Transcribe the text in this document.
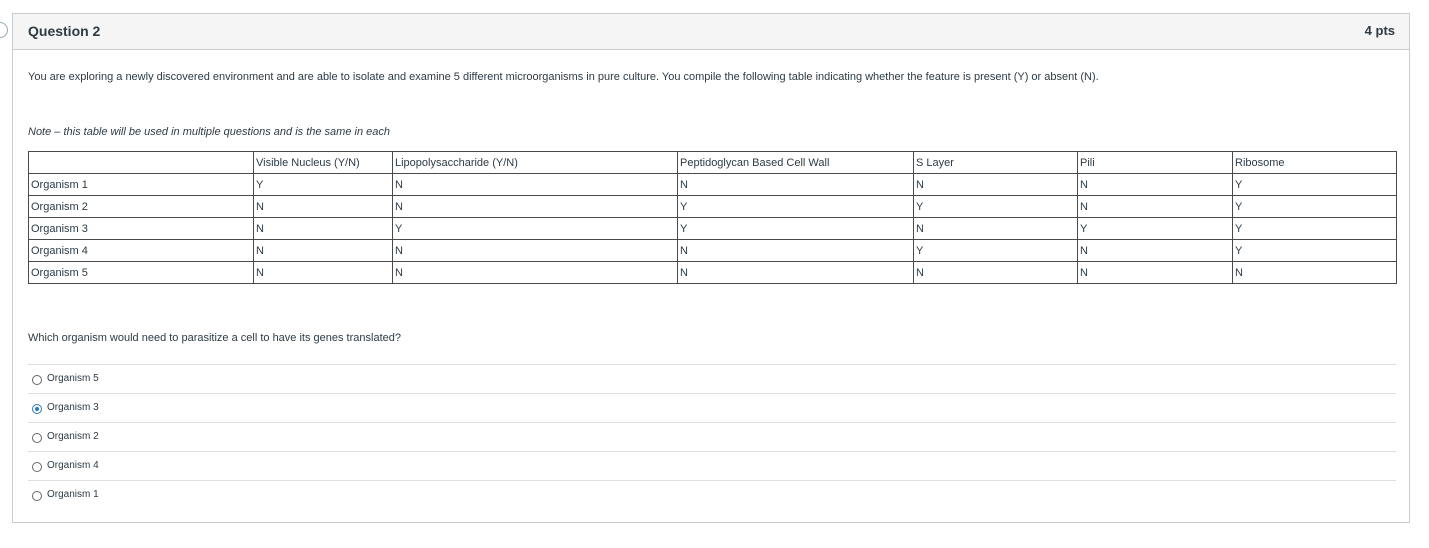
Question 2	4 pts
You are exploring a newly discovered environment and are able to isolate and examine 5 different microorganisms in pure culture. You compile the following table indicating whether the feature is present (Y) or absent (N).
Note – this table will be used in multiple questions and is the same in each
	Visible Nucleus (Y/N)	Lipopolysaccharide (Y/N)	Peptidoglycan Based Cell Wall	S Layer	Pili	Ribosome
Organism 1	Y	N	N	N	N	Y
Organism 2	N	N	Y	Y	N	Y
Organism 3	N	Y	Y	N	Y	Y
Organism 4	N	N	N	Y	N	Y
Organism 5	N	N	N	N	N	N
Which organism would need to parasitize a cell to have its genes translated?
Organism 5
Organism 3
Organism 2
Organism 4
Organism 1
